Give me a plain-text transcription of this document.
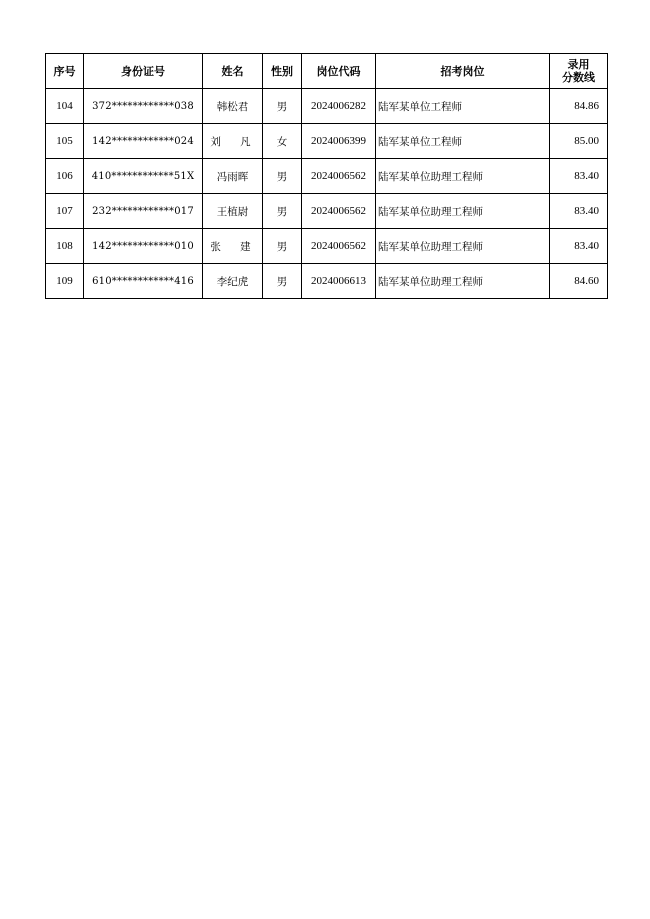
序号	身份证号	姓名	性别	岗位代码	招考岗位	录用
分数线
104	372************038	韩松君	男	2024006282	陆军某单位工程师	84.86
105	142************024	刘 凡	女	2024006399	陆军某单位工程师	85.00
106	410************51X	冯雨晖	男	2024006562	陆军某单位助理工程师	83.40
107	232************017	王植尉	男	2024006562	陆军某单位助理工程师	83.40
108	142************010	张 建	男	2024006562	陆军某单位助理工程师	83.40
109	610************416	李纪虎	男	2024006613	陆军某单位助理工程师	84.60
